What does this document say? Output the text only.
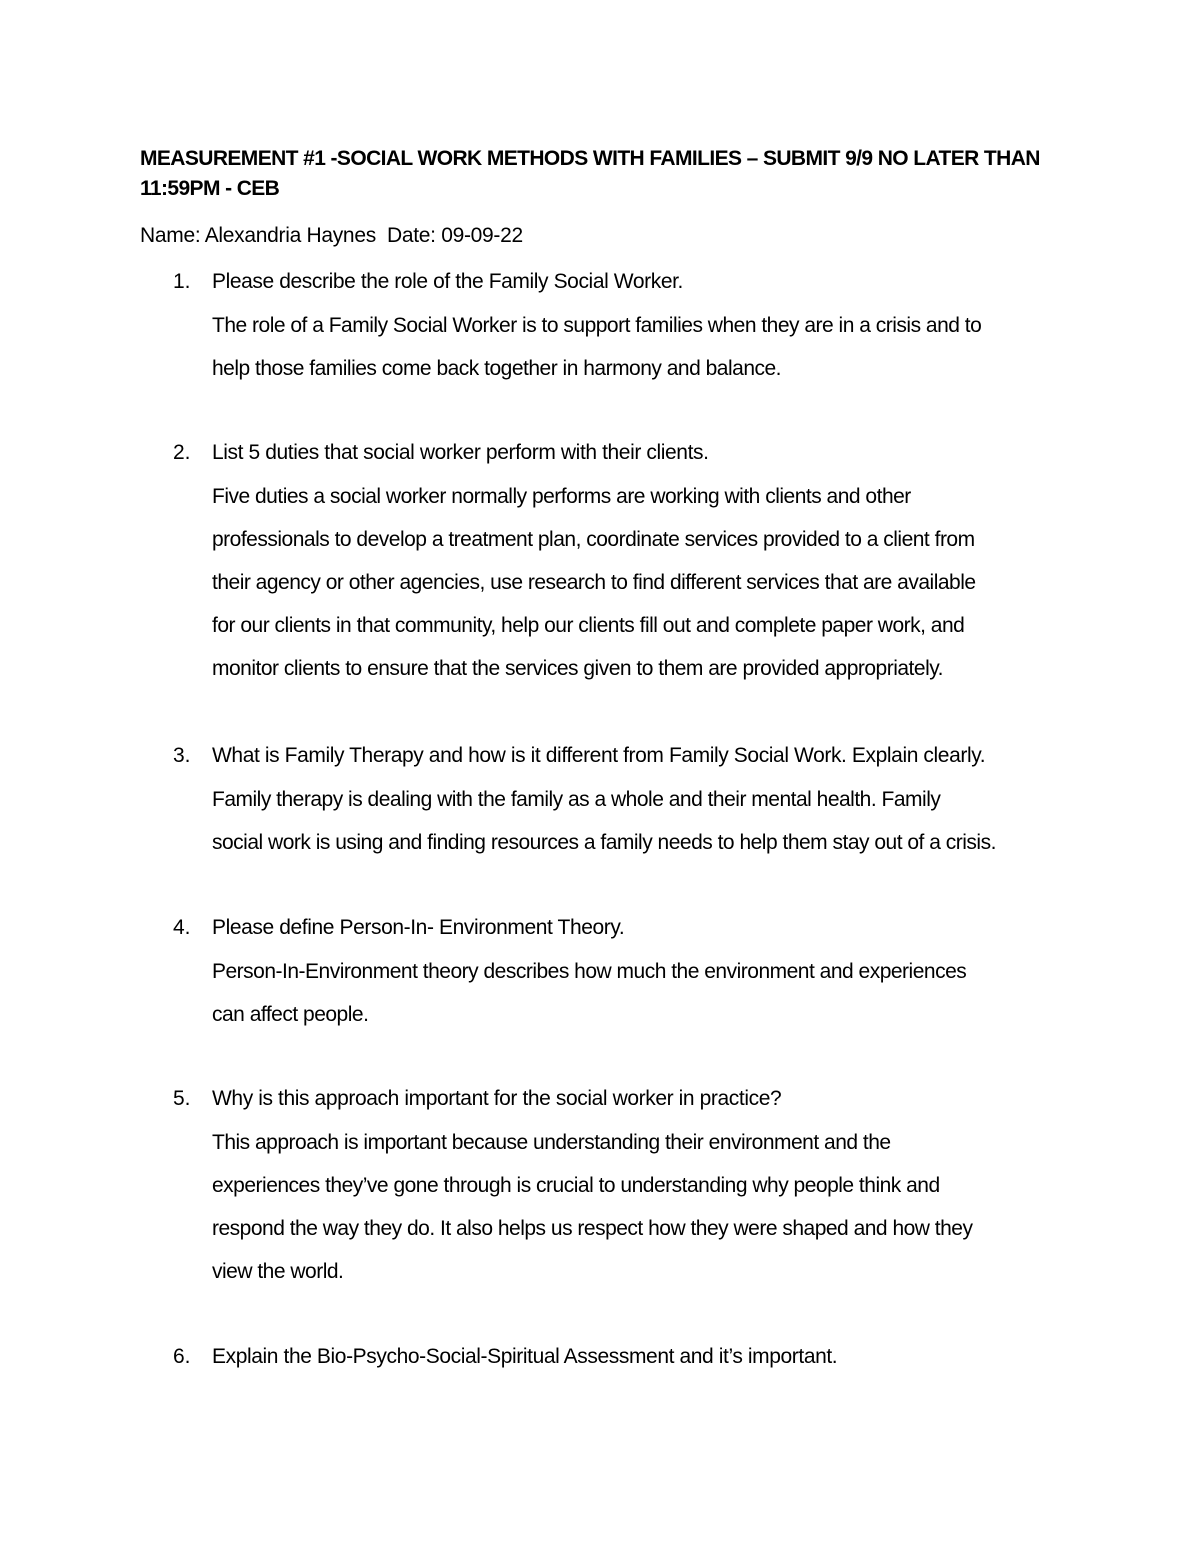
MEASUREMENT #1 -SOCIAL WORK METHODS WITH FAMILIES – SUBMIT 9/9 NO LATER THAN 11:59PM - CEB
Name: Alexandria Haynes  Date: 09-09-22
1. Please describe the role of the Family Social Worker.
The role of a Family Social Worker is to support families when they are in a crisis and to
help those families come back together in harmony and balance.
2. List 5 duties that social worker perform with their clients.
Five duties a social worker normally performs are working with clients and other
professionals to develop a treatment plan, coordinate services provided to a client from
their agency or other agencies, use research to find different services that are available
for our clients in that community, help our clients fill out and complete paper work, and
monitor clients to ensure that the services given to them are provided appropriately.
3. What is Family Therapy and how is it different from Family Social Work. Explain clearly.
Family therapy is dealing with the family as a whole and their mental health. Family
social work is using and finding resources a family needs to help them stay out of a crisis.
4. Please define Person-In- Environment Theory.
Person-In-Environment theory describes how much the environment and experiences
can affect people.
5. Why is this approach important for the social worker in practice?
This approach is important because understanding their environment and the
experiences they’ve gone through is crucial to understanding why people think and
respond the way they do. It also helps us respect how they were shaped and how they
view the world.
6. Explain the Bio-Psycho-Social-Spiritual Assessment and it’s important.
